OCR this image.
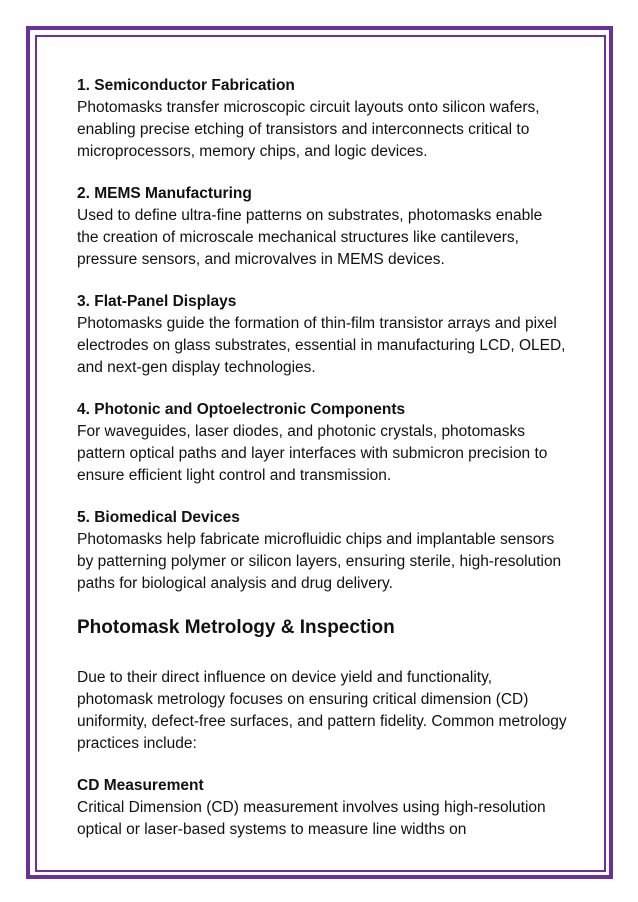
1. Semiconductor Fabrication

Photomasks transfer microscopic circuit layouts onto silicon wafers, enabling precise etching of transistors and interconnects critical to microprocessors, memory chips, and logic devices.

2. MEMS Manufacturing

Used to define ultra-fine patterns on substrates, photomasks enable the creation of microscale mechanical structures like cantilevers, pressure sensors, and microvalves in MEMS devices.

3. Flat-Panel Displays

Photomasks guide the formation of thin-film transistor arrays and pixel electrodes on glass substrates, essential in manufacturing LCD, OLED, and next-gen display technologies.

4. Photonic and Optoelectronic Components

For waveguides, laser diodes, and photonic crystals, photomasks pattern optical paths and layer interfaces with submicron precision to ensure efficient light control and transmission.

5. Biomedical Devices

Photomasks help fabricate microfluidic chips and implantable sensors by patterning polymer or silicon layers, ensuring sterile, high-resolution paths for biological analysis and drug delivery.

Photomask Metrology & Inspection

Due to their direct influence on device yield and functionality, photomask metrology focuses on ensuring critical dimension (CD) uniformity, defect-free surfaces, and pattern fidelity. Common metrology practices include:

CD Measurement

Critical Dimension (CD) measurement involves using high-resolution optical or laser-based systems to measure line widths on
